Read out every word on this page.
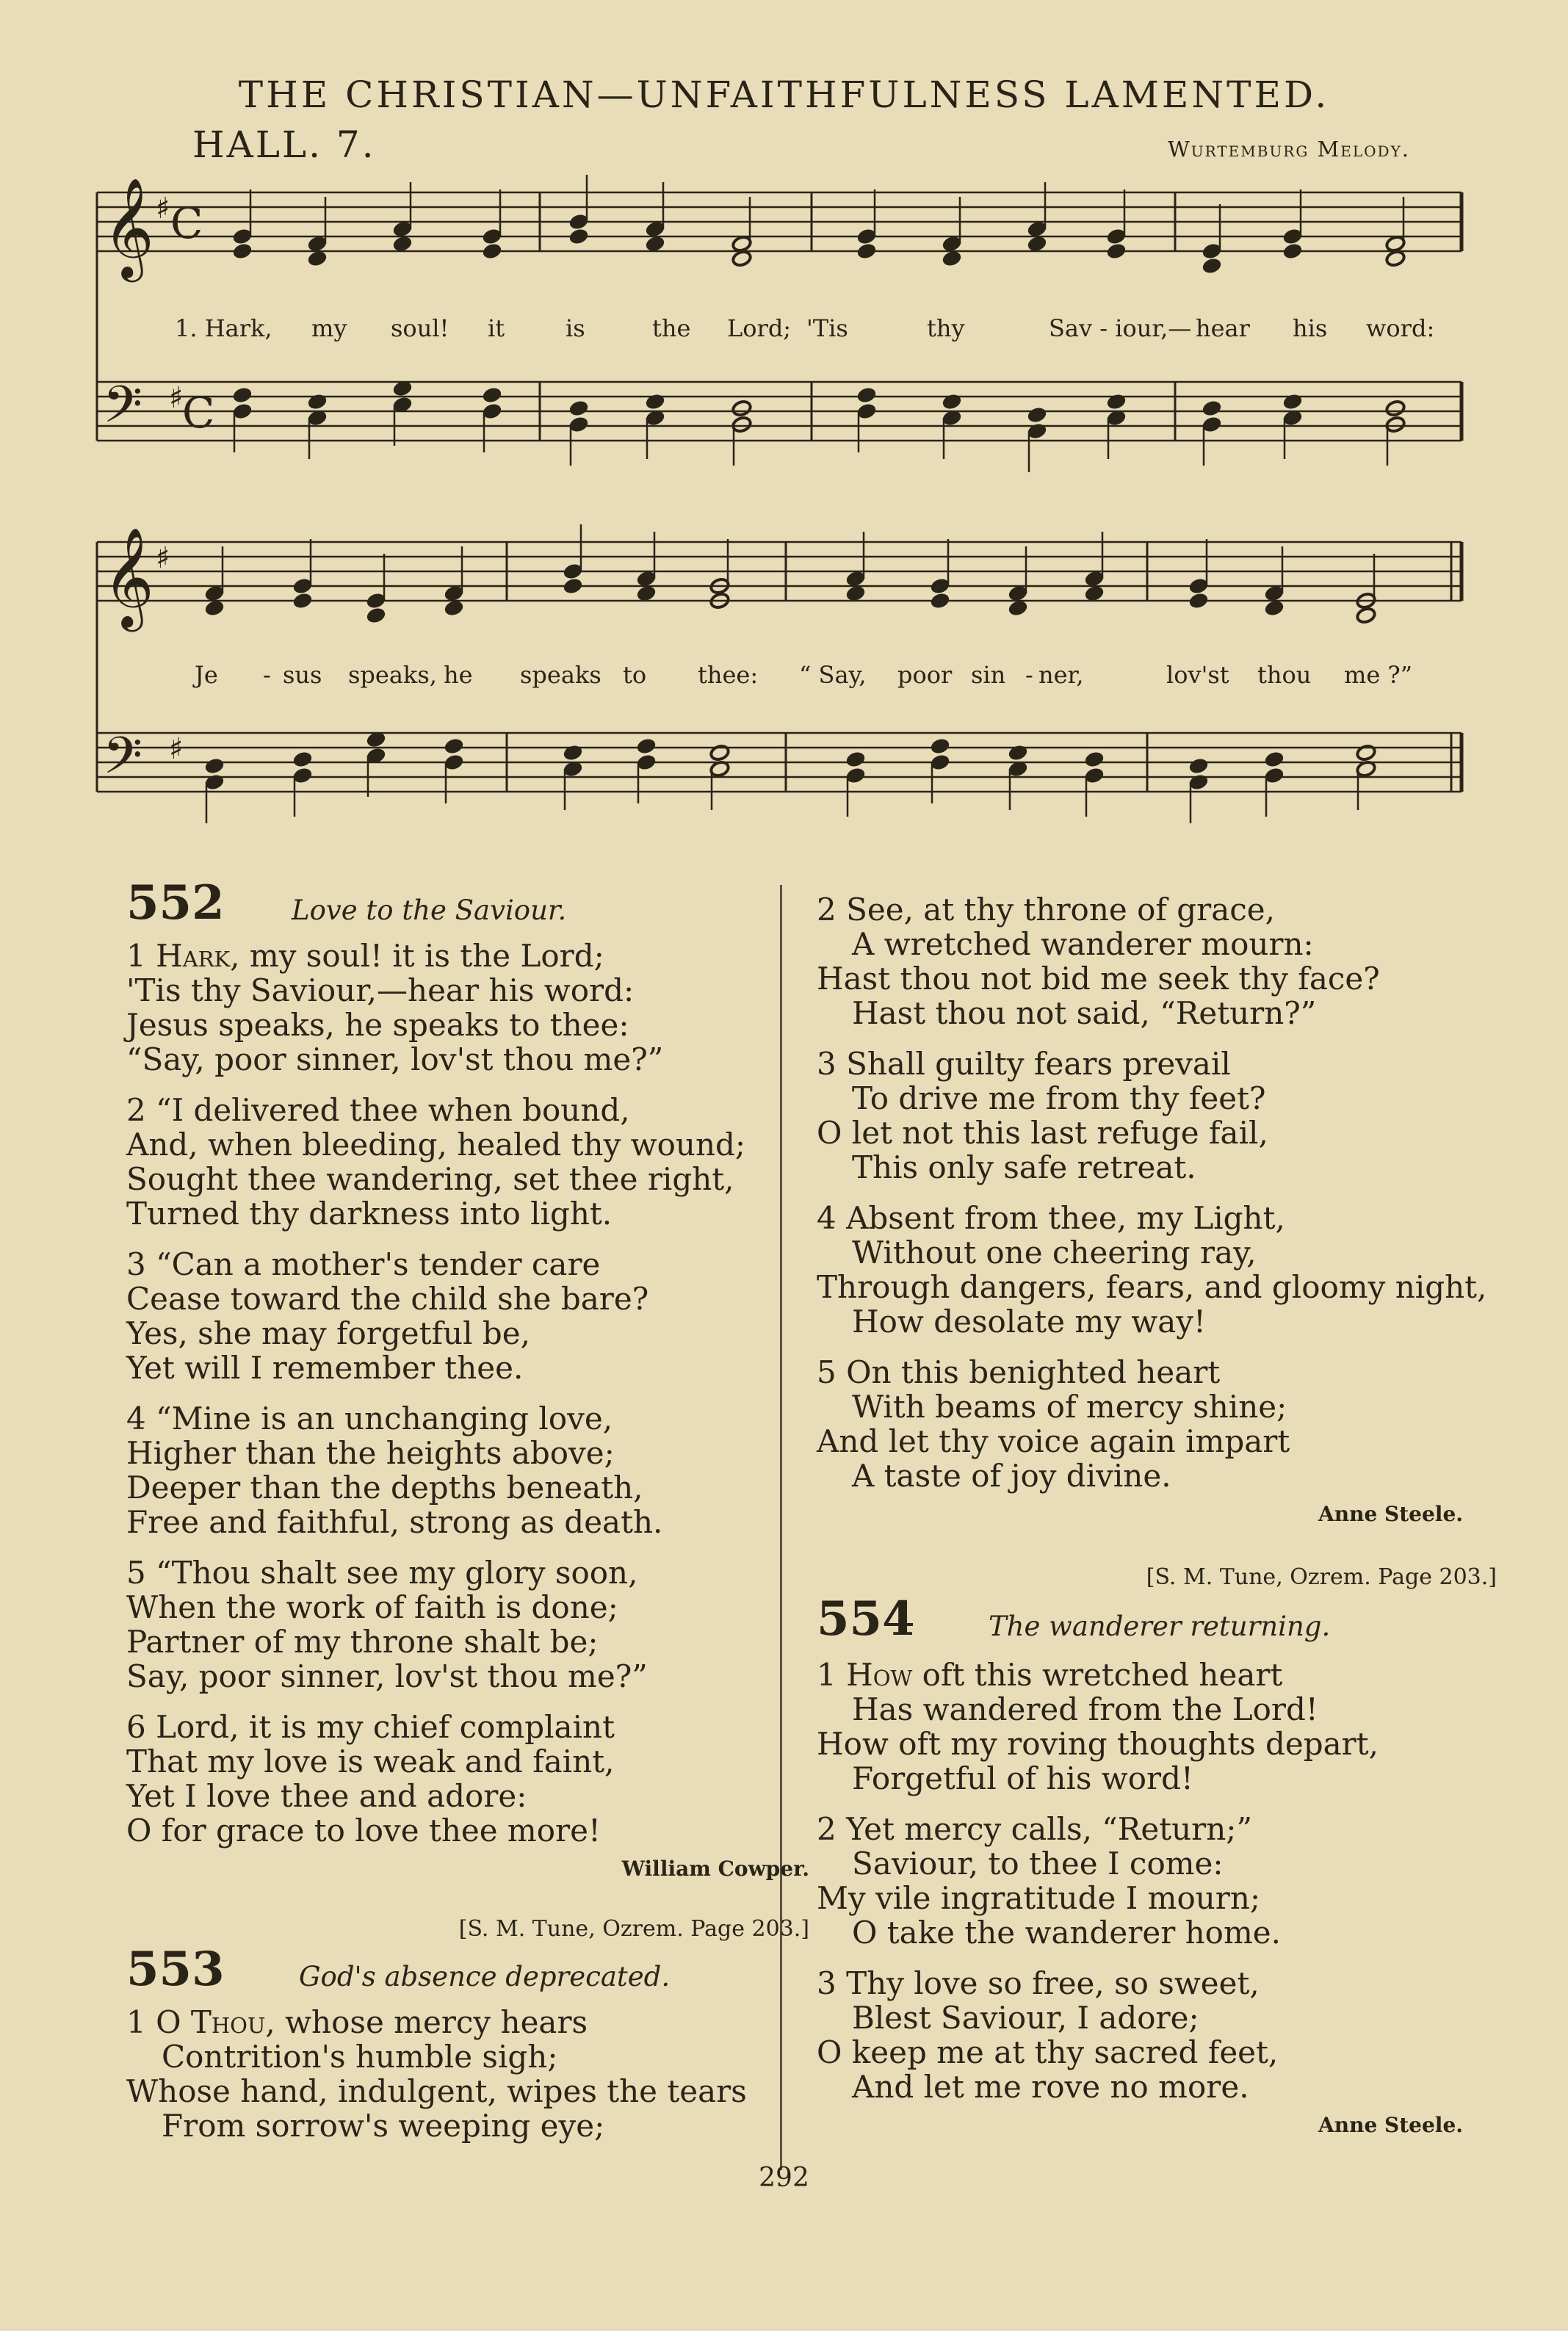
THE CHRISTIAN—UNFAITHFULNESS LAMENTED.
HALL. 7.	Wurtemburg Melody.
𝄞
𝄢
♯
♯
C
C
𝄞
𝄢
♯
♯
1. Hark, my soul! it	is	the Lord; 'Tis	thy	Sav - iour,— hear his word:
Je - sus speaks, he speaks to thee: “ Say, poor sin - ner,	lov'st thou me ?”
552 Love to the Saviour.
1 Hark, my soul! it is the Lord;
'Tis thy Saviour,—hear his word:
Jesus speaks, he speaks to thee:
“Say, poor sinner, lov'st thou me?”
2 “I delivered thee when bound,
And, when bleeding, healed thy wound;
Sought thee wandering, set thee right,
Turned thy darkness into light.
3 “Can a mother's tender care
Cease toward the child she bare?
Yes, she may forgetful be,
Yet will I remember thee.
4 “Mine is an unchanging love,
Higher than the heights above;
Deeper than the depths beneath,
Free and faithful, strong as death.
5 “Thou shalt see my glory soon,
When the work of faith is done;
Partner of my throne shalt be;
Say, poor sinner, lov'st thou me?”
6 Lord, it is my chief complaint
That my love is weak and faint,
Yet I love thee and adore:
O for grace to love thee more!
William Cowper.
[S. M. Tune, Ozrem. Page 203.]
553	God's absence deprecated.
1 O Thou, whose mercy hears
Contrition's humble sigh;
Whose hand, indulgent, wipes the tears
From sorrow's weeping eye;
2 See, at thy throne of grace,
A wretched wanderer mourn:
Hast thou not bid me seek thy face?
Hast thou not said, “Return?”
3 Shall guilty fears prevail
To drive me from thy feet?
O let not this last refuge fail,
This only safe retreat.
4 Absent from thee, my Light,
Without one cheering ray,
Through dangers, fears, and gloomy night,
How desolate my way!
5 On this benighted heart
With beams of mercy shine;
And let thy voice again impart
A taste of joy divine.
Anne Steele.
[S. M. Tune, Ozrem. Page 203.]
554	The wanderer returning.
1 How oft this wretched heart
Has wandered from the Lord!
How oft my roving thoughts depart,
Forgetful of his word!
2 Yet mercy calls, “Return;”
Saviour, to thee I come:
My vile ingratitude I mourn;
O take the wanderer home.
3 Thy love so free, so sweet,
Blest Saviour, I adore;
O keep me at thy sacred feet,
And let me rove no more.
Anne Steele.
292
